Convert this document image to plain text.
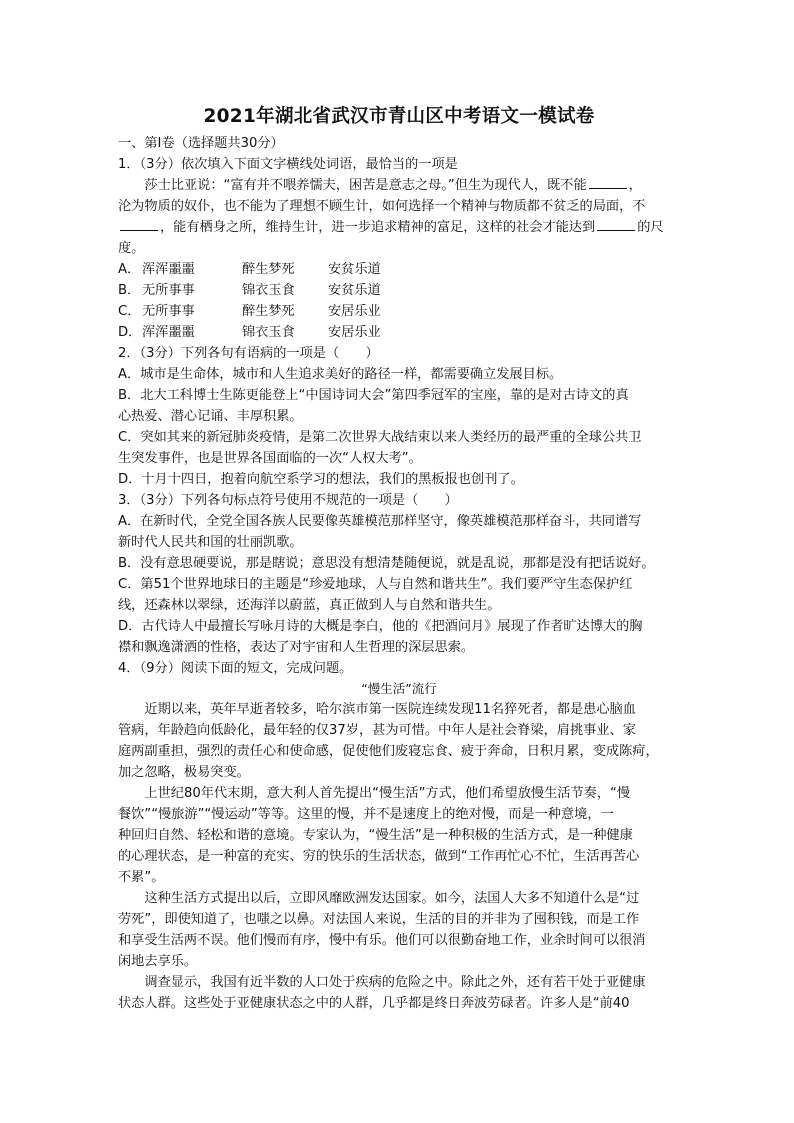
2021年湖北省武汉市青山区中考语文一模试卷

一、第Ⅰ卷（选择题共30分）

1．（3分）依次填入下面文字横线处词语，最恰当的一项是

莎士比亚说：“富有并不喂养懦夫，困苦是意志之母。”但生为现代人，既不能	，

沦为物质的奴仆，也不能为了理想不顾生计，如何选择一个精神与物质都不贫乏的局面，不

，能有栖身之所，维持生计，进一步追求精神的富足，这样的社会才能达到	的尺

度。

A． 浑浑噩噩	醉生梦死	安贫乐道
B． 无所事事	锦衣玉食	安贫乐道
C． 无所事事	醉生梦死	安居乐业
D． 浑浑噩噩	锦衣玉食	安居乐业

2．（3分）下列各句有语病的一项是（　　）

A．城市是生命体，城市和人生追求美好的路径一样，都需要确立发展目标。

B．北大工科博士生陈更能登上“中国诗词大会”第四季冠军的宝座，靠的是对古诗文的真

心热爱、潜心记诵、丰厚积累。

C．突如其来的新冠肺炎疫情，是第二次世界大战结束以来人类经历的最严重的全球公共卫

生突发事件，也是世界各国面临的一次“人权大考”。

D．十月十四日，抱着向航空系学习的想法，我们的黑板报也创刊了。

3．（3分）下列各句标点符号使用不规范的一项是（　　）

A．在新时代，全党全国各族人民要像英雄模范那样坚守，像英雄模范那样奋斗，共同谱写

新时代人民共和国的壮丽凯歌。

B．没有意思硬要说，那是瞎说；意思没有想清楚随便说，就是乱说，那都是没有把话说好。

C．第51个世界地球日的主题是“珍爱地球，人与自然和谐共生”。我们要严守生态保护红

线，还森林以翠绿，还海洋以蔚蓝，真正做到人与自然和谐共生。

D．古代诗人中最擅长写咏月诗的大概是李白，他的《把酒问月》展现了作者旷达博大的胸

襟和飘逸潇洒的性格，表达了对宇宙和人生哲理的深层思索。

4．（9分）阅读下面的短文，完成问题。

“慢生活”流行

近期以来，英年早逝者较多，哈尔滨市第一医院连续发现11名猝死者，都是患心脑血

管病，年龄趋向低龄化，最年轻的仅37岁，甚为可惜。中年人是社会脊梁，肩挑事业、家

庭两副重担，强烈的责任心和使命感，促使他们废寝忘食、疲于奔命，日积月累，变成陈疴，

加之忽略，极易突变。

上世纪80年代末期，意大利人首先提出“慢生活”方式，他们希望放慢生活节奏，“慢

餐饮”“慢旅游”“慢运动”等等。这里的慢，并不是速度上的绝对慢，而是一种意境，一

种回归自然、轻松和谐的意境。专家认为，“慢生活”是一种积极的生活方式，是一种健康

的心理状态，是一种富的充实、穷的快乐的生活状态，做到“工作再忙心不忙，生活再苦心

不累”。

这种生活方式提出以后，立即风靡欧洲发达国家。如今，法国人大多不知道什么是“过

劳死”，即使知道了，也嗤之以鼻。对法国人来说，生活的目的并非为了囤积钱，而是工作

和享受生活两不误。他们慢而有序，慢中有乐。他们可以很勤奋地工作，业余时间可以很消

闲地去享乐。

调查显示，我国有近半数的人口处于疾病的危险之中。除此之外，还有若干处于亚健康

状态人群。这些处于亚健康状态之中的人群，几乎都是终日奔波劳碌者。许多人是“前40
